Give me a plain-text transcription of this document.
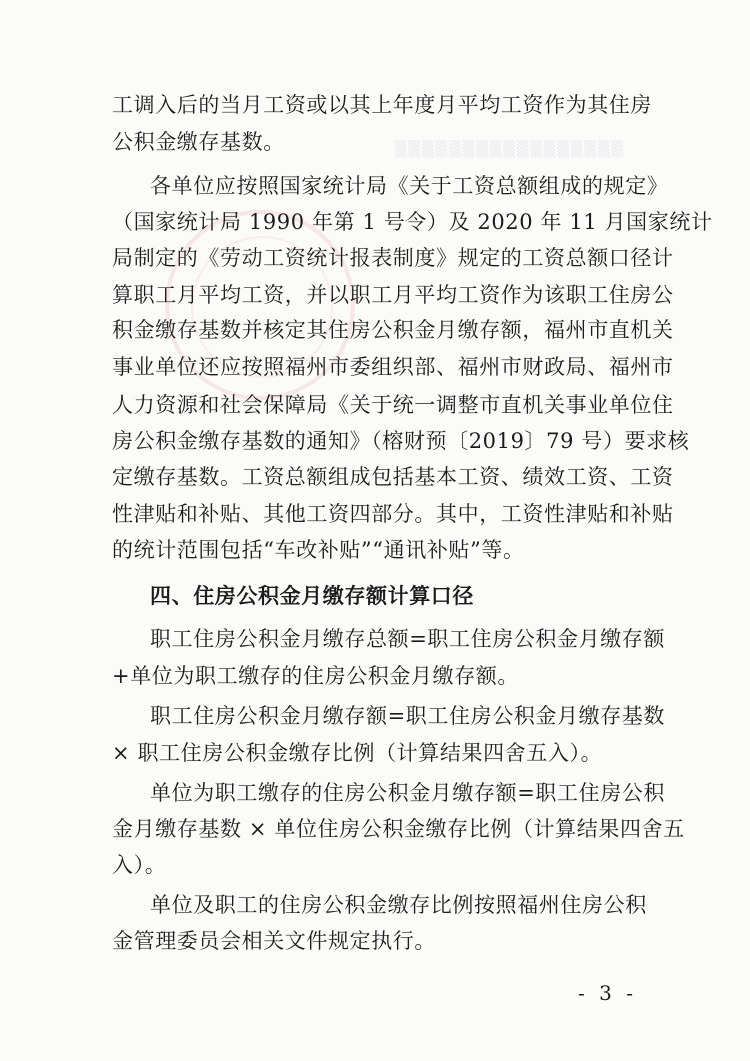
▒▒▒▒▒▒▒▒▒▒▒▒▒▒▒▒▒
工调入后的当月工资或以其上年度月平均工资作为其住房
公积金缴存基数。
各单位应按照国家统计局《关于工资总额组成的规定》
（国家统计局 1990 年第 1 号令）及 2020 年 11 月国家统计
局制定的《劳动工资统计报表制度》规定的工资总额口径计
算职工月平均工资，并以职工月平均工资作为该职工住房公
积金缴存基数并核定其住房公积金月缴存额，福州市直机关
事业单位还应按照福州市委组织部、福州市财政局、福州市
人力资源和社会保障局《关于统一调整市直机关事业单位住
房公积金缴存基数的通知》（榕财预〔2019〕79 号）要求核
定缴存基数。工资总额组成包括基本工资、绩效工资、工资
性津贴和补贴、其他工资四部分。其中，工资性津贴和补贴
的统计范围包括“车改补贴”“通讯补贴”等。
四、住房公积金月缴存额计算口径
职工住房公积金月缴存总额=职工住房公积金月缴存额
+单位为职工缴存的住房公积金月缴存额。
职工住房公积金月缴存额=职工住房公积金月缴存基数
× 职工住房公积金缴存比例（计算结果四舍五入）。
单位为职工缴存的住房公积金月缴存额=职工住房公积
金月缴存基数 × 单位住房公积金缴存比例（计算结果四舍五
入）。
单位及职工的住房公积金缴存比例按照福州住房公积
金管理委员会相关文件规定执行。
- 3 -
